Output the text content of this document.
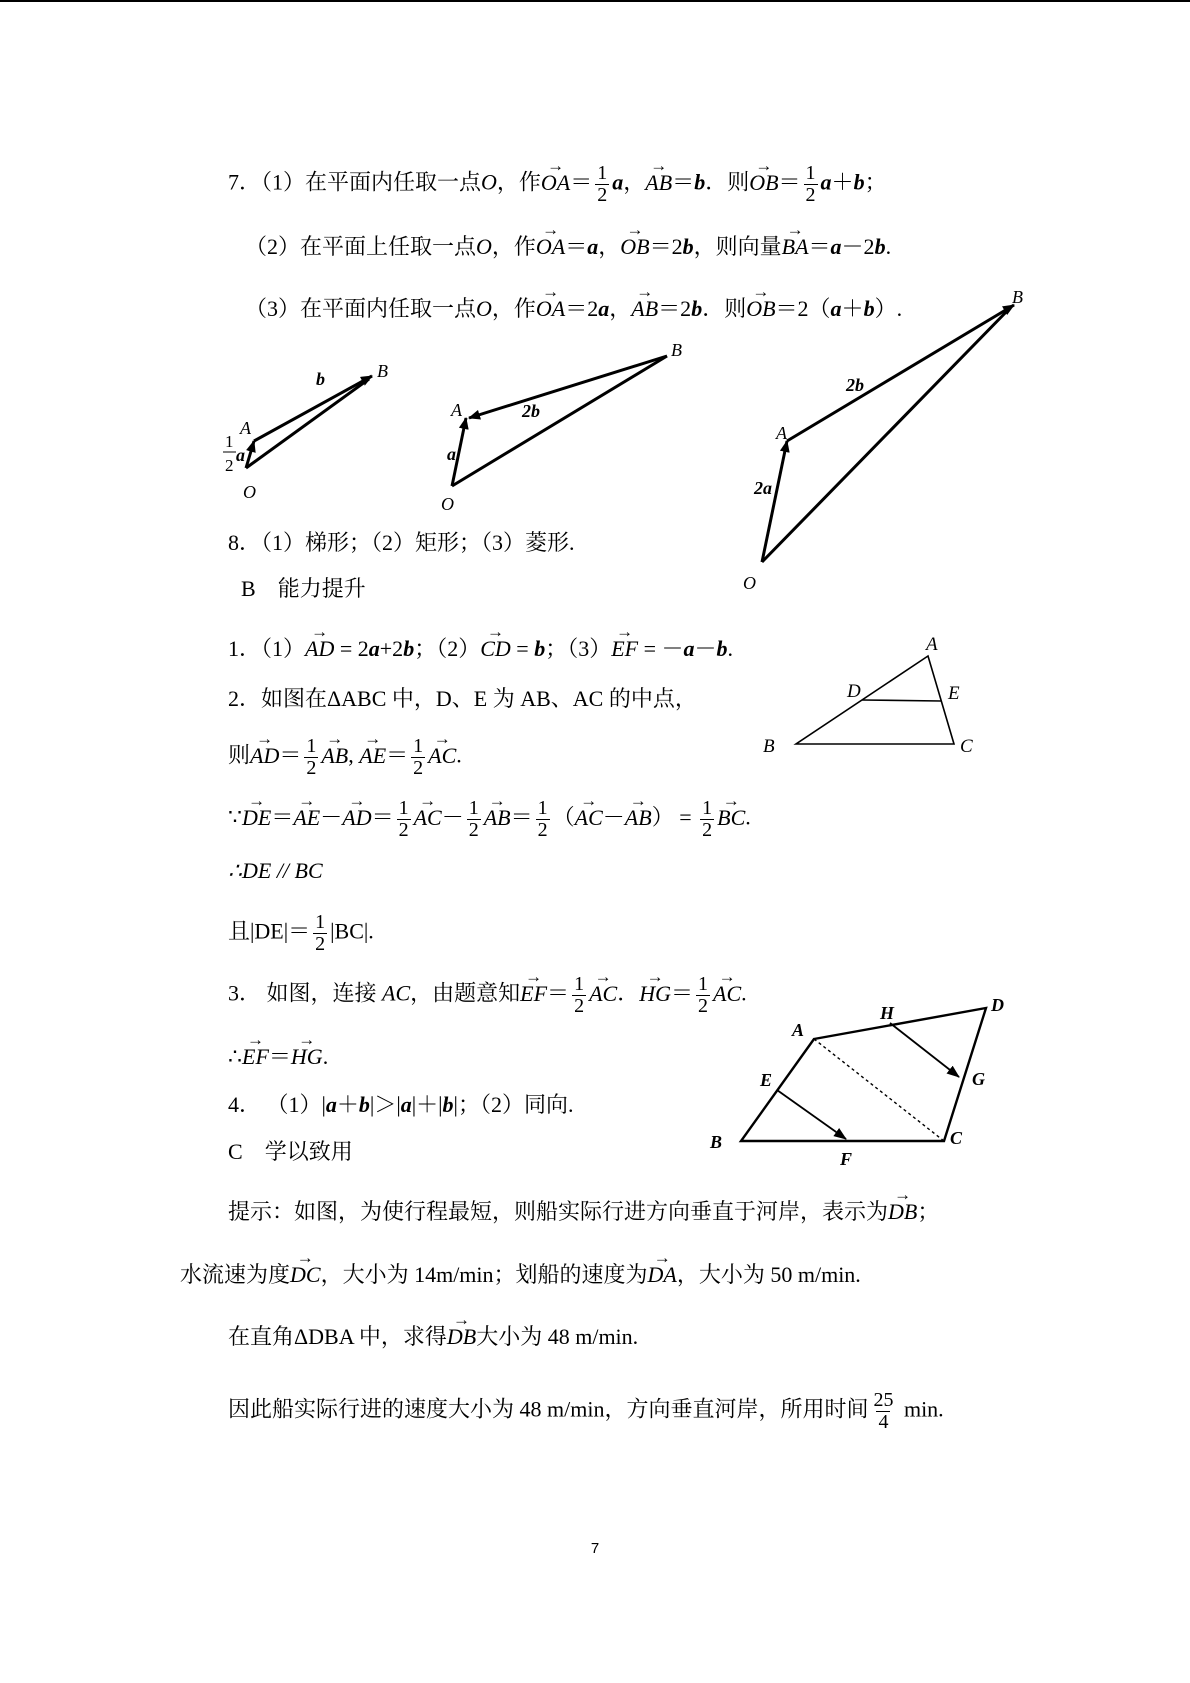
7．（1）在平面内任取一点O，作→ $OA= \frac{1}{2}$ a，→ AB＝b．则→ $OB= \frac{1}{2} a+b$；
（2）在平面上任取一点O，作→ OA＝a，→ OB＝2b，则向量→ BA＝a－2b.
（3）在平面内任取一点O，作→ OA＝2a，→ AB＝2b．则→ OB＝2（a＋b）.
A
B
O
b
a
1
2
A
B
O
2b
a
A
B
O
2b
2a
8．（1）梯形；（2）矩形；（3）菱形.
B 能力提升
1．（1）→ AD = 2a+2b；（2）→ CD = b；（3）→ EF = －a－b.
2．如图在ΔABC 中，D、E 为 AB、AC 的中点，
则→ $AD= \frac{1}{2}$
→ AB, → $AE= \frac{1}{2}$
→ AC.
∵→ $DE=\to AE-\to AD= \frac{1}{2}$
→ $AC- \frac{1}{2}$
→ $AB= \frac{1}{2}$ （→ $AC-\to AB) = \frac{1}{2}$
→ BC.
∴DE // BC
且$|DE|= \frac{1}{2} |BC|$.
A
D	E
B	C
3． 如图，连接 AC，由题意知→ $EF= \frac{1}{2}$
→ AC．→ $HG= \frac{1}{2}$
→ AC.
∴→ EF＝→ HG.
A
H	D
E	G
B	C
F
4． （1）|a＋b|＞|a|＋|b|；（2）同向.
C 学以致用
提示：如图，为使行程最短，则船实际行进方向垂直于河岸，表示为→ DB；
水流速为度→ DC，大小为 14m/min；划船的速度为→ DA，大小为 50 m/min.
在直角ΔDBA 中，求得→ DB大小为 48 m/min.
因此船实际行进的速度大小为 48 m/min，方向垂直河岸，所用时间 $\frac{25}{4} \min$.
7
